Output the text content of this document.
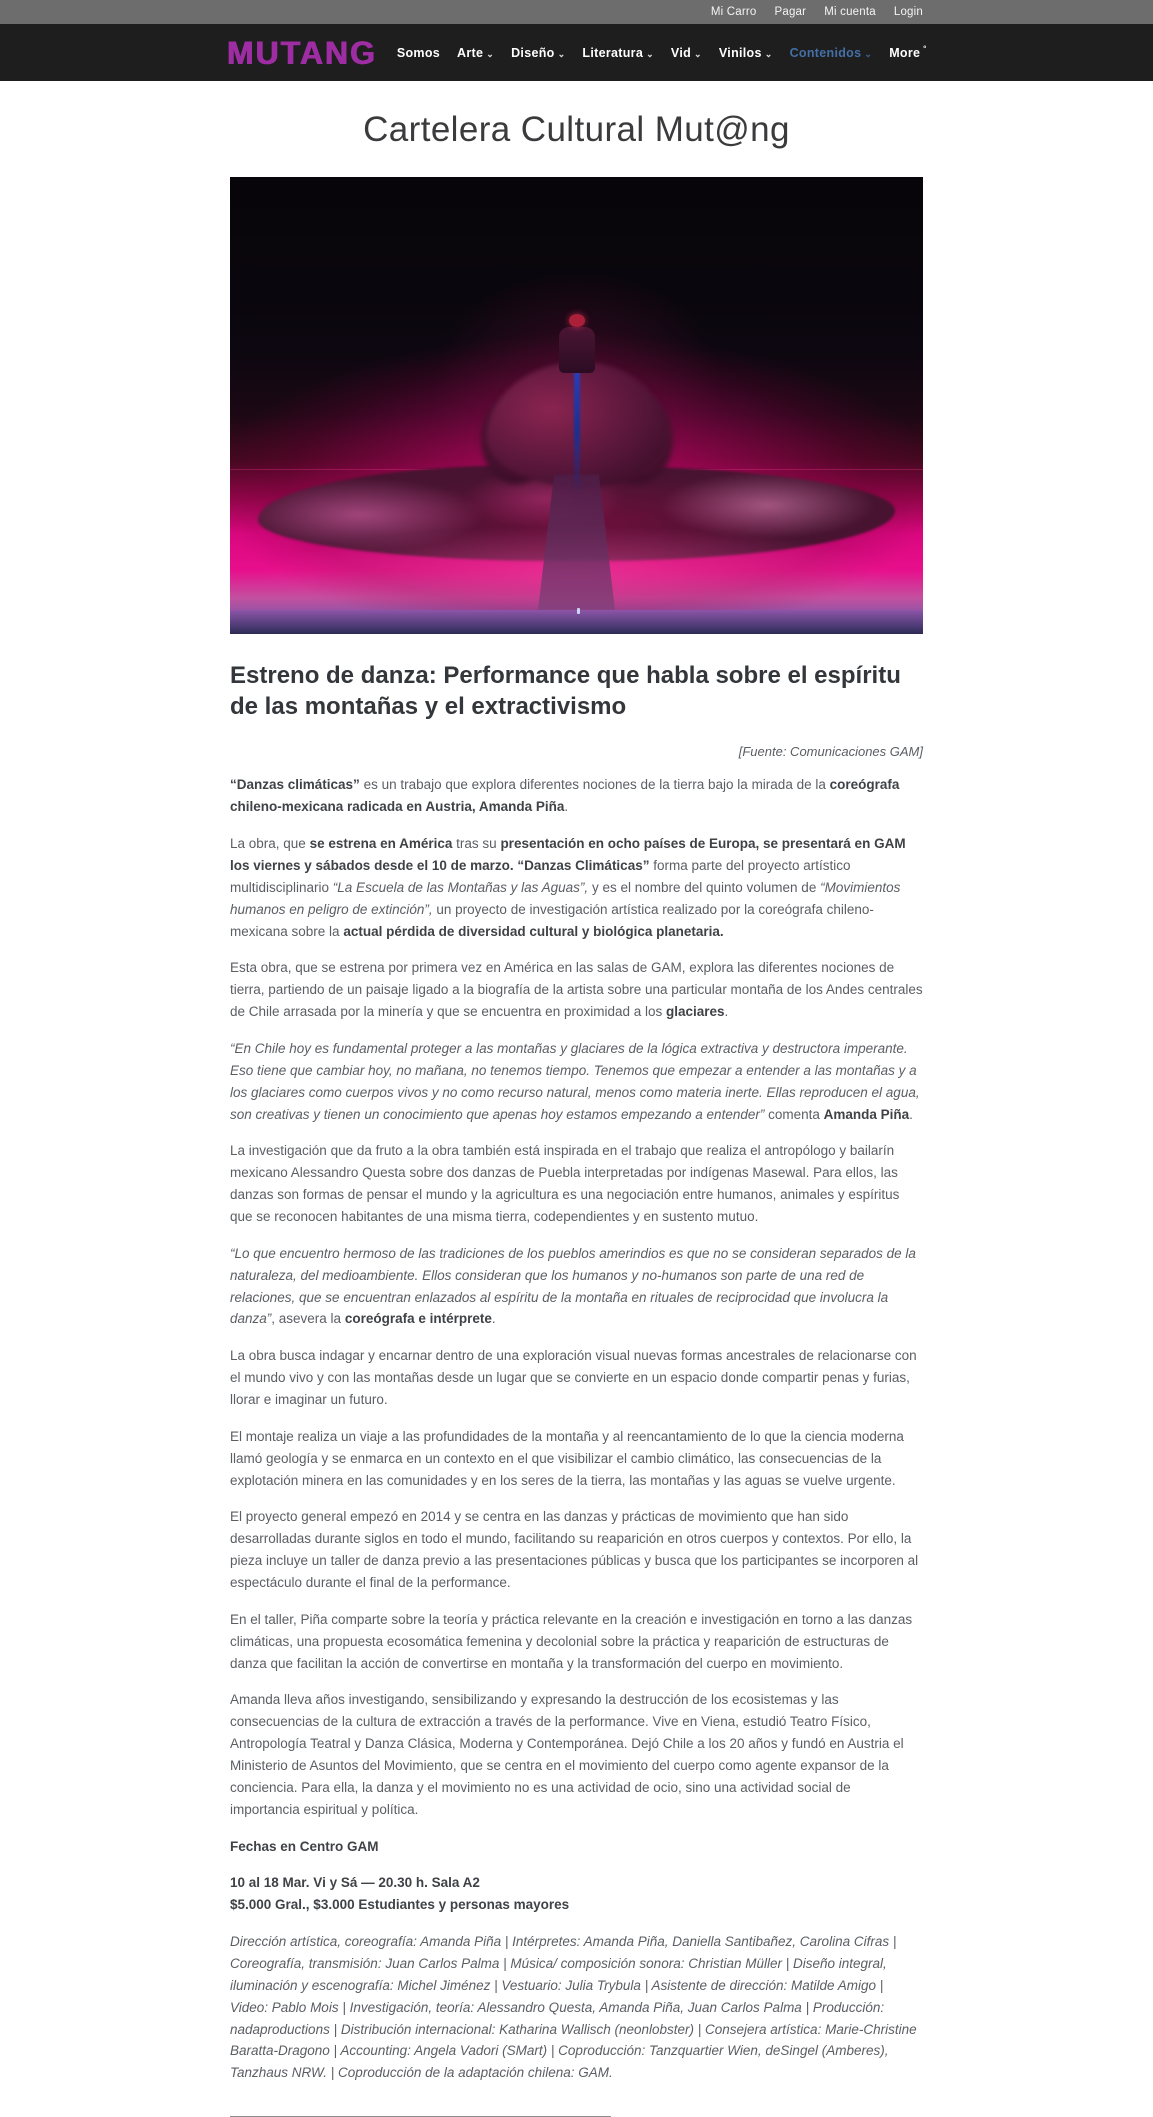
Mi Carro Pagar Mi cuenta Login
MUTANG Somos Arte ⌄ Diseño ⌄ Literatura ⌄ Vid ⌄ Vinilos ⌄ Contenidos ⌄ More º
Cartelera Cultural Mut@ng
Estreno de danza: Performance que habla sobre el espíritu de las montañas y el extractivismo
[Fuente: Comunicaciones GAM]

“Danzas climáticas” es un trabajo que explora diferentes nociones de la tierra bajo la mirada de la coreógrafa chileno-mexicana radicada en Austria, Amanda Piña.

La obra, que se estrena en América tras su presentación en ocho países de Europa, se presentará en GAM los viernes y sábados desde el 10 de marzo. “Danzas Climáticas” forma parte del proyecto artístico multidisciplinario “La Escuela de las Montañas y las Aguas”, y es el nombre del quinto volumen de “Movimientos humanos en peligro de extinción”, un proyecto de investigación artística realizado por la coreógrafa chileno-mexicana sobre la actual pérdida de diversidad cultural y biológica planetaria.

Esta obra, que se estrena por primera vez en América en las salas de GAM, explora las diferentes nociones de tierra, partiendo de un paisaje ligado a la biografía de la artista sobre una particular montaña de los Andes centrales de Chile arrasada por la minería y que se encuentra en proximidad a los glaciares.

“En Chile hoy es fundamental proteger a las montañas y glaciares de la lógica extractiva y destructora imperante. Eso tiene que cambiar hoy, no mañana, no tenemos tiempo. Tenemos que empezar a entender a las montañas y a los glaciares como cuerpos vivos y no como recurso natural, menos como materia inerte. Ellas reproducen el agua, son creativas y tienen un conocimiento que apenas hoy estamos empezando a entender” comenta Amanda Piña.

La investigación que da fruto a la obra también está inspirada en el trabajo que realiza el antropólogo y bailarín mexicano Alessandro Questa sobre dos danzas de Puebla interpretadas por indígenas Masewal. Para ellos, las danzas son formas de pensar el mundo y la agricultura es una negociación entre humanos, animales y espíritus que se reconocen habitantes de una misma tierra, codependientes y en sustento mutuo.

“Lo que encuentro hermoso de las tradiciones de los pueblos amerindios es que no se consideran separados de la naturaleza, del medioambiente. Ellos consideran que los humanos y no-humanos son parte de una red de relaciones, que se encuentran enlazados al espíritu de la montaña en rituales de reciprocidad que involucra la danza”, asevera la coreógrafa e intérprete.

La obra busca indagar y encarnar dentro de una exploración visual nuevas formas ancestrales de relacionarse con el mundo vivo y con las montañas desde un lugar que se convierte en un espacio donde compartir penas y furias, llorar e imaginar un futuro.

El montaje realiza un viaje a las profundidades de la montaña y al reencantamiento de lo que la ciencia moderna llamó geología y se enmarca en un contexto en el que visibilizar el cambio climático, las consecuencias de la explotación minera en las comunidades y en los seres de la tierra, las montañas y las aguas se vuelve urgente.

El proyecto general empezó en 2014 y se centra en las danzas y prácticas de movimiento que han sido desarrolladas durante siglos en todo el mundo, facilitando su reaparición en otros cuerpos y contextos. Por ello, la pieza incluye un taller de danza previo a las presentaciones públicas y busca que los participantes se incorporen al espectáculo durante el final de la performance.

En el taller, Piña comparte sobre la teoría y práctica relevante en la creación e investigación en torno a las danzas climáticas, una propuesta ecosomática femenina y decolonial sobre la práctica y reaparición de estructuras de danza que facilitan la acción de convertirse en montaña y la transformación del cuerpo en movimiento.

Amanda lleva años investigando, sensibilizando y expresando la destrucción de los ecosistemas y las consecuencias de la cultura de extracción a través de la performance. Vive en Viena, estudió Teatro Físico, Antropología Teatral y Danza Clásica, Moderna y Contemporánea. Dejó Chile a los 20 años y fundó en Austria el Ministerio de Asuntos del Movimiento, que se centra en el movimiento del cuerpo como agente expansor de la conciencia. Para ella, la danza y el movimiento no es una actividad de ocio, sino una actividad social de importancia espiritual y política.

Fechas en Centro GAM

10 al 18 Mar. Vi y Sá — 20.30 h. Sala A2
$5.000 Gral., $3.000 Estudiantes y personas mayores

Dirección artística, coreografía: Amanda Piña | Intérpretes: Amanda Piña, Daniella Santibañez, Carolina Cifras | Coreografía, transmisión: Juan Carlos Palma | Música/ composición sonora: Christian Müller | Diseño integral, iluminación y escenografía: Michel Jiménez | Vestuario: Julia Trybula | Asistente de dirección: Matilde Amigo | Video: Pablo Mois | Investigación, teoría: Alessandro Questa, Amanda Piña, Juan Carlos Palma | Producción: nadaproductions | Distribución internacional: Katharina Wallisch (neonlobster) | Consejera artística: Marie-Christine Baratta-Dragono | Accounting: Angela Vadori (SMart) | Coproducción: Tanzquartier Wien, deSingel (Amberes), Tanzhaus NRW. | Coproducción de la adaptación chilena: GAM.
